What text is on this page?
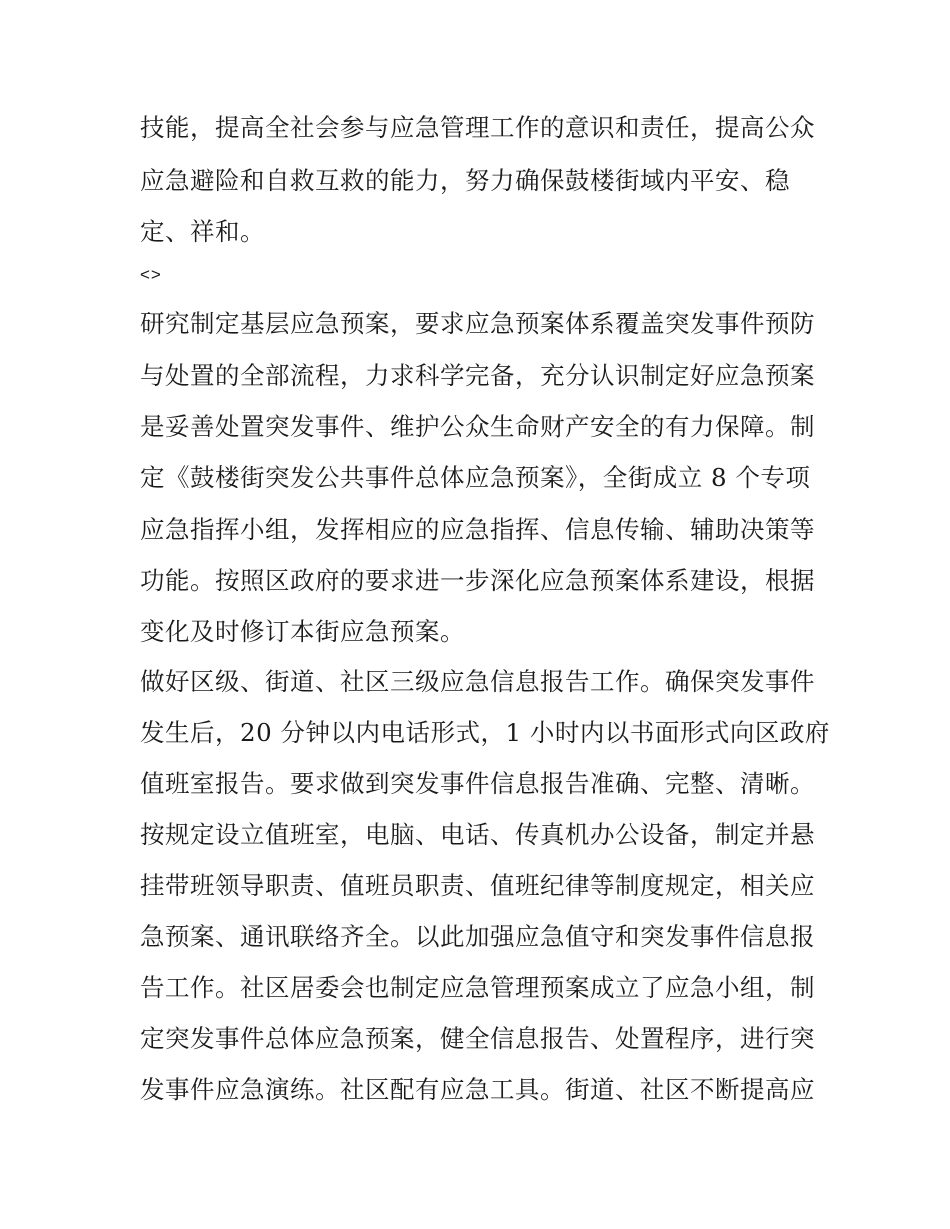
技能，提高全社会参与应急管理工作的意识和责任，提高公众
应急避险和自救互救的能力，努力确保鼓楼街域内平安、稳
定、祥和。
<>
研究制定基层应急预案，要求应急预案体系覆盖突发事件预防
与处置的全部流程，力求科学完备，充分认识制定好应急预案
是妥善处置突发事件、维护公众生命财产安全的有力保障。制
定《鼓楼街突发公共事件总体应急预案》，全街成立 8 个专项
应急指挥小组，发挥相应的应急指挥、信息传输、辅助决策等
功能。按照区政府的要求进一步深化应急预案体系建设，根据
变化及时修订本街应急预案。
做好区级、街道、社区三级应急信息报告工作。确保突发事件
发生后，20 分钟以内电话形式，1 小时内以书面形式向区政府
值班室报告。要求做到突发事件信息报告准确、完整、清晰。
按规定设立值班室，电脑、电话、传真机办公设备，制定并悬
挂带班领导职责、值班员职责、值班纪律等制度规定，相关应
急预案、通讯联络齐全。以此加强应急值守和突发事件信息报
告工作。社区居委会也制定应急管理预案成立了应急小组，制
定突发事件总体应急预案，健全信息报告、处置程序，进行突
发事件应急演练。社区配有应急工具。街道、社区不断提高应
